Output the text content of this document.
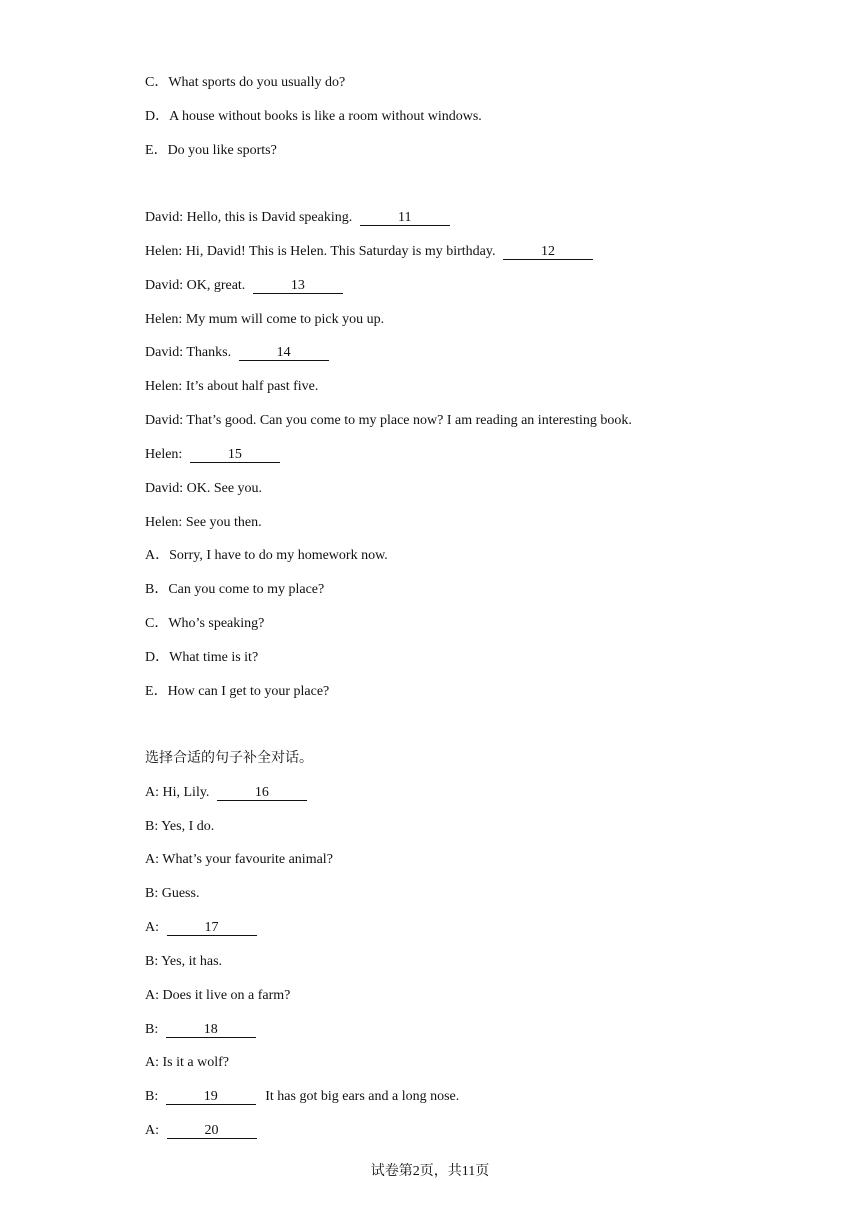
C．What sports do you usually do?
D．A house without books is like a room without windows.
E．Do you like sports?
David: Hello, this is David speaking.	11
Helen: Hi, David! This is Helen. This Saturday is my birthday.	12
David: OK, great.	13
Helen: My mum will come to pick you up.
David: Thanks.	14
Helen: It’s about half past five.
David: That’s good. Can you come to my place now? I am reading an interesting book.
Helen:	15
David: OK. See you.
Helen: See you then.
A．Sorry, I have to do my homework now.
B．Can you come to my place?
C．Who’s speaking?
D．What time is it?
E．How can I get to your place?
选择合适的句子补全对话。
A: Hi, Lily.	16
B: Yes, I do.
A: What’s your favourite animal?
B: Guess.
A:	17
B: Yes, it has.
A: Does it live on a farm?
B:	18
A: Is it a wolf?
B:	19	It has got big ears and a long nose.
A:	20
试卷第2页，共11页
